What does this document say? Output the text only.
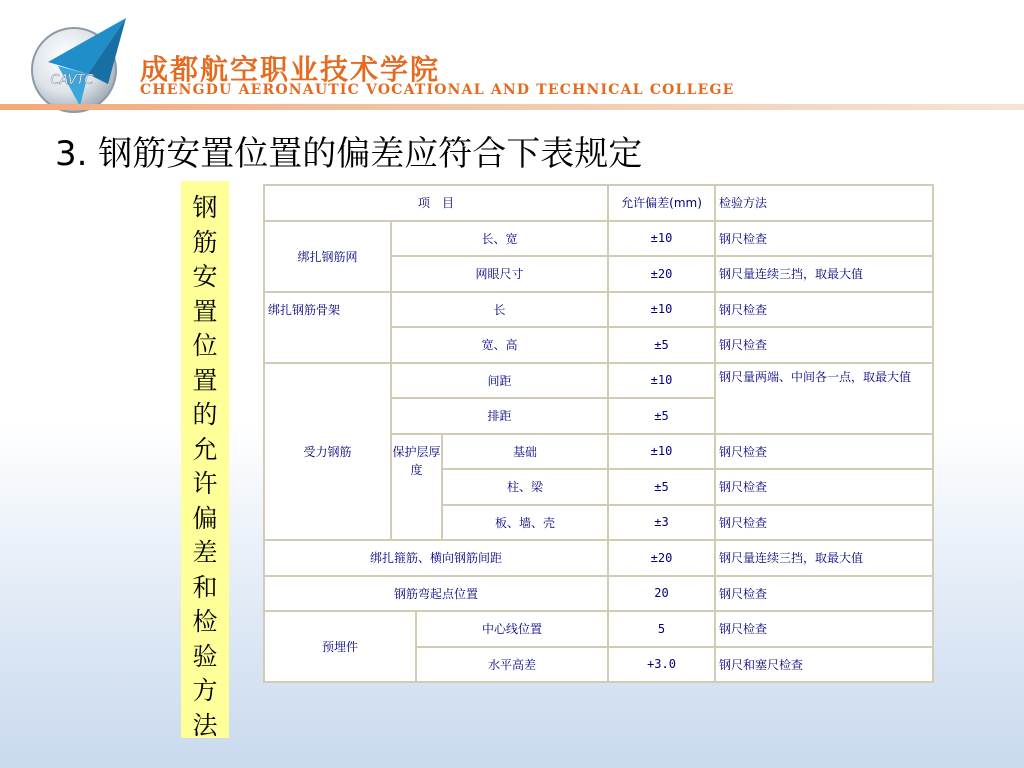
CAVTC 成都航空职业技术学院
CHENGDU AERONAUTIC VOCATIONAL AND TECHNICAL COLLEGE
3. 钢筋安置位置的偏差应符合下表规定
钢筋安置位置的允许偏差和检验方法
项　目				允许偏差(mm)	检验方法
绑扎钢筋网	长、宽			±10	钢尺检查
	网眼尺寸			±20	钢尺量连续三挡，取最大值
绑扎钢筋骨架	长			±10	钢尺检查
	宽、高			±5	钢尺检查
受力钢筋	间距			±10	钢尺量两端、中间各一点，取最大值
	排距			±5	
	保护层厚度		基础	±10	钢尺检查
			柱、梁	±5	钢尺检查
			板、墙、壳	±3	钢尺检查
绑扎箍筋、横向钢筋间距				±20	钢尺量连续三挡，取最大值
钢筋弯起点位置				20	钢尺检查
预埋件		中心线位置		5	钢尺检查
		水平高差		+3.0	钢尺和塞尺检查
